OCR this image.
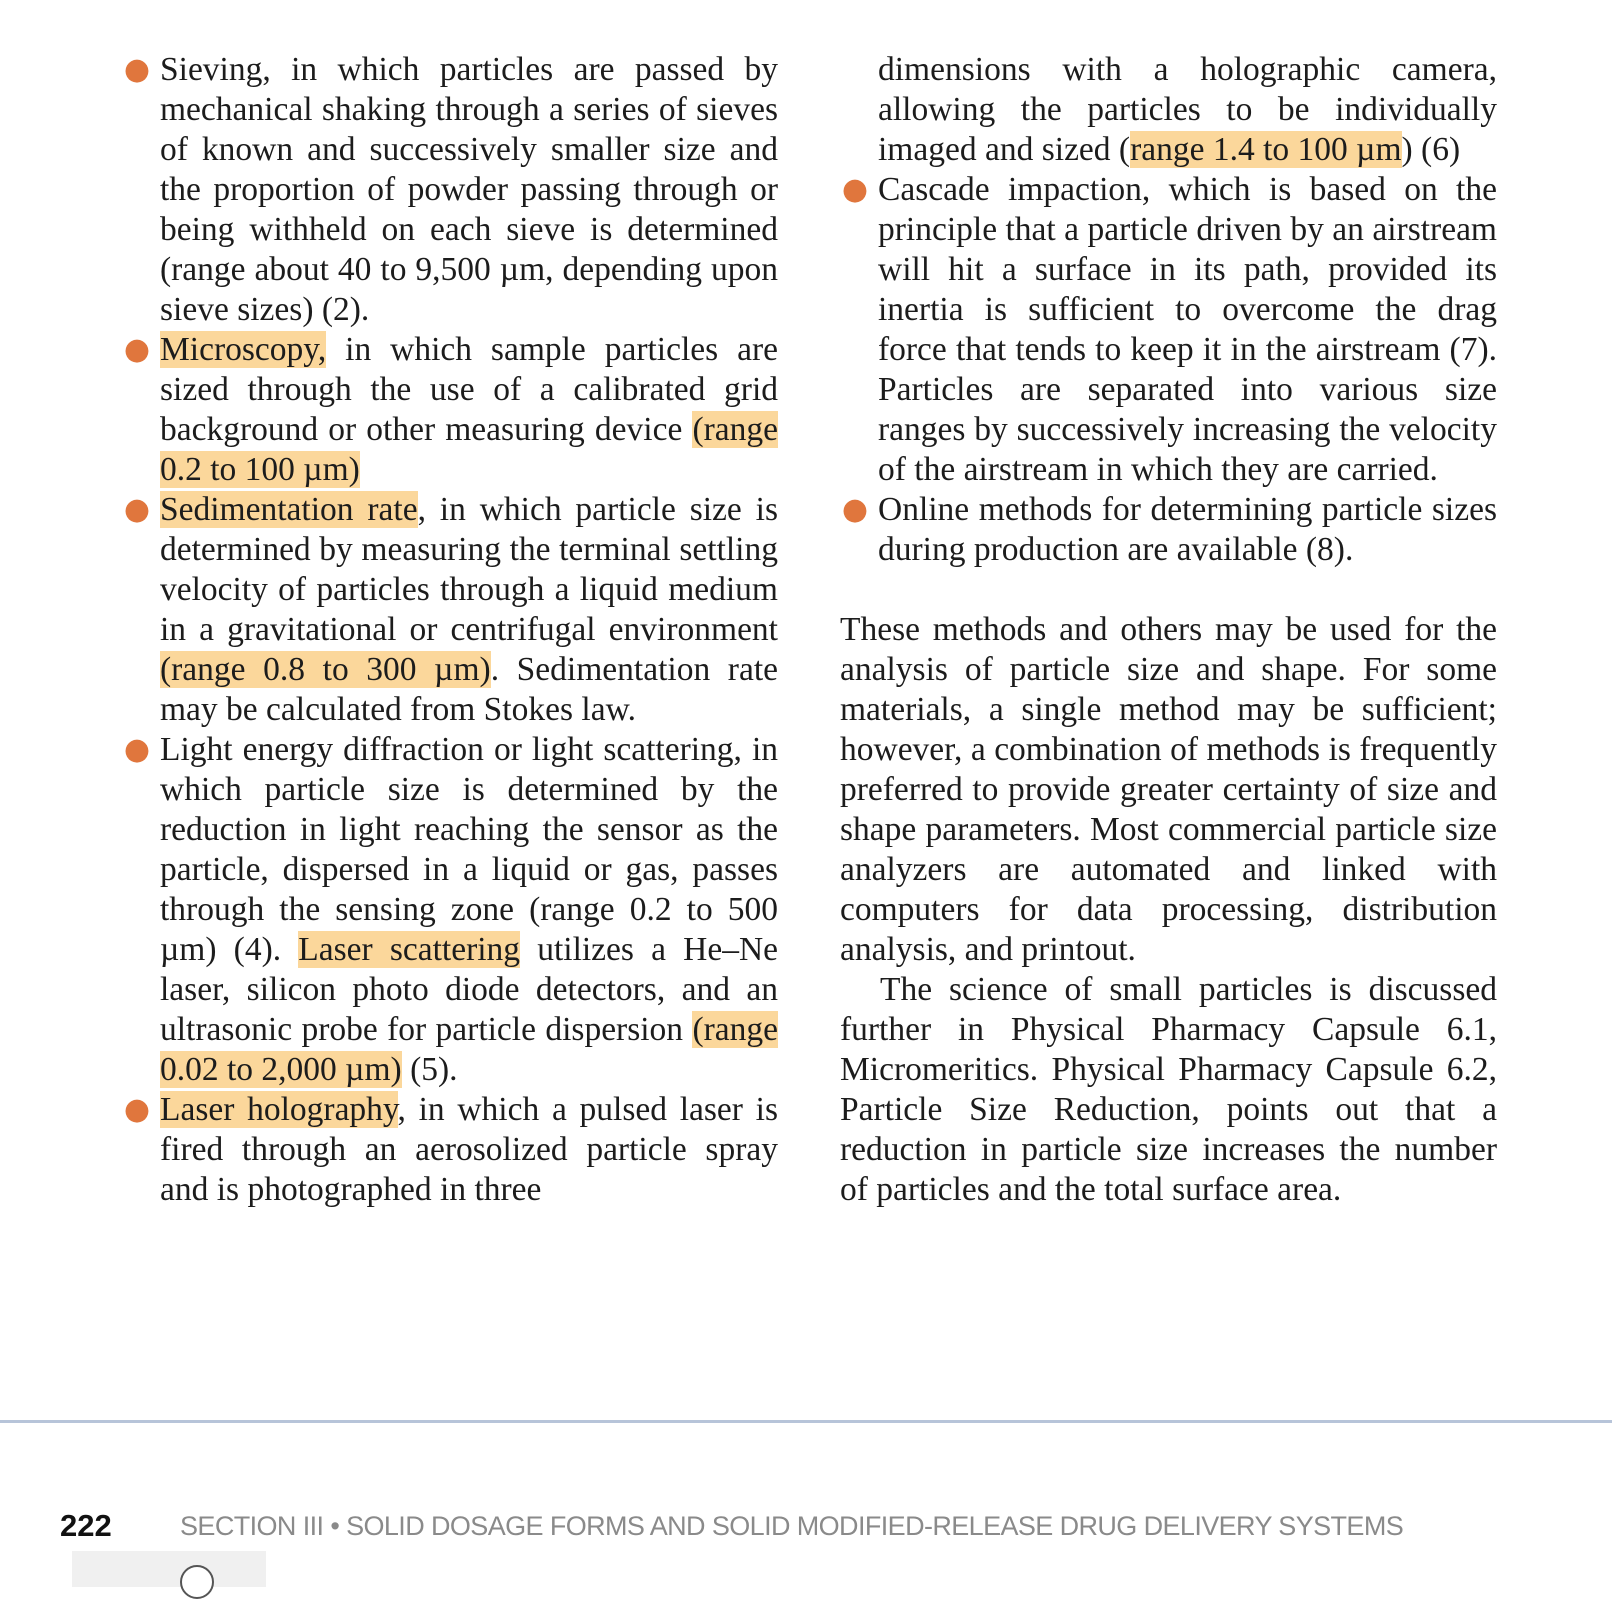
● Sieving, in which particles are passed by mechanical shaking through a series of sieves of known and successively smaller size and the proportion of powder passing through or being withheld on each sieve is determined (range about 40 to 9,500 µm, depending upon sieve sizes) (2).
● Microscopy, in which sample particles are sized through the use of a calibrated grid background or other measuring device (range 0.2 to 100 µm)
● Sedimentation rate, in which particle size is determined by measuring the terminal settling velocity of particles through a liquid medium in a gravitational or centrifugal environment (range 0.8 to 300 µm). Sedimentation rate may be calculated from Stokes law.
● Light energy diffraction or light scattering, in which particle size is determined by the reduction in light reaching the sensor as the particle, dispersed in a liquid or gas, passes through the sensing zone (range 0.2 to 500 µm) (4). Laser scattering utilizes a He–Ne laser, silicon photo diode detectors, and an ultrasonic probe for particle dispersion (range 0.02 to 2,000 µm) (5).
● Laser holography, in which a pulsed laser is fired through an aerosolized particle spray and is photographed in three
dimensions with a holographic camera, allowing the particles to be individually imaged and sized (range 1.4 to 100 µm) (6)
● Cascade impaction, which is based on the principle that a particle driven by an airstream will hit a surface in its path, provided its inertia is sufficient to overcome the drag force that tends to keep it in the airstream (7). Particles are separated into various size ranges by successively increasing the velocity of the airstream in which they are carried.
● Online methods for determining particle sizes during production are available (8).

These methods and others may be used for the analysis of particle size and shape. For some materials, a single method may be sufficient; however, a combination of methods is frequently preferred to provide greater certainty of size and shape parameters. Most commercial particle size analyzers are automated and linked with computers for data processing, distribution analysis, and printout.

The science of small particles is discussed further in Physical Pharmacy Capsule 6.1, Micromeritics. Physical Pharmacy Capsule 6.2, Particle Size Reduction, points out that a reduction in particle size increases the number of particles and the total surface area.

222	SECTION III • SOLID DOSAGE FORMS AND SOLID MODIFIED-RELEASE DRUG DELIVERY SYSTEMS
